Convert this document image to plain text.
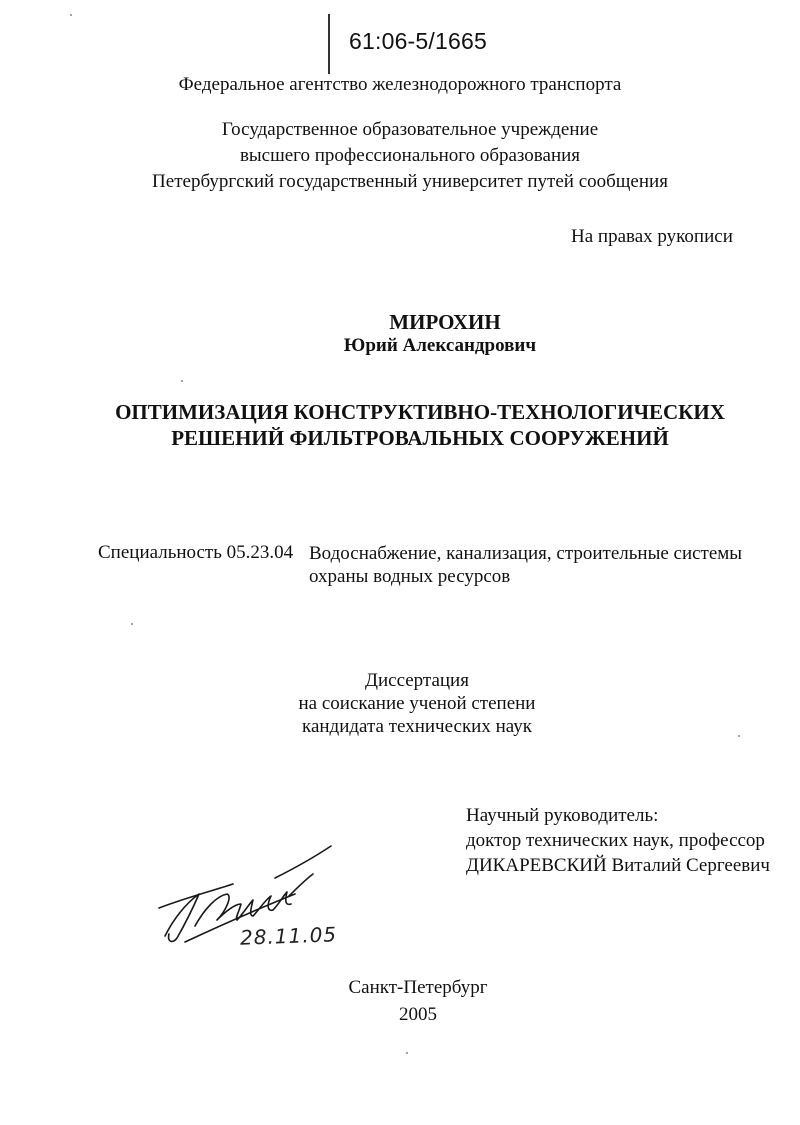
61:06-5/1665
Федеральное агентство железнодорожного транспорта
Государственное образовательное учреждение
высшего профессионального образования
Петербургский государственный университет путей сообщения
На правах рукописи
МИРОХИН
Юрий Александрович
ОПТИМИЗАЦИЯ КОНСТРУКТИВНО-ТЕХНОЛОГИЧЕСКИХ
РЕШЕНИЙ ФИЛЬТРОВАЛЬНЫХ СООРУЖЕНИЙ
Специальность 05.23.04 Водоснабжение, канализация, строительные системы
охраны водных ресурсов
Диссертация
на соискание ученой степени
кандидата технических наук
Научный руководитель:
доктор технических наук, профессор
ДИКАРЕВСКИЙ Виталий Сергеевич
28.11.05
Санкт-Петербург
2005
